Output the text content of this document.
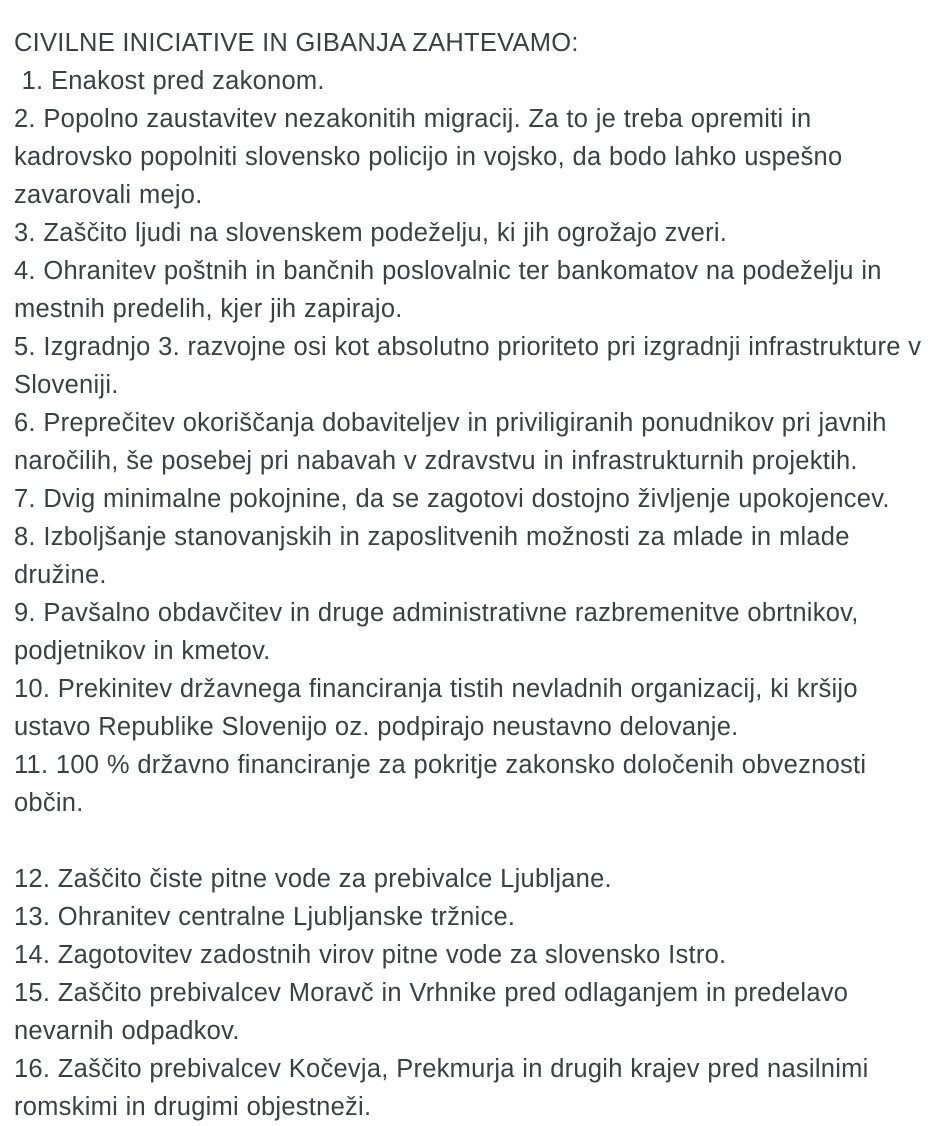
CIVILNE INICIATIVE IN GIBANJA ZAHTEVAMO:
1. Enakost pred zakonom.
2. Popolno zaustavitev nezakonitih migracij. Za to je treba opremiti in kadrovsko popolniti slovensko policijo in vojsko, da bodo lahko uspešno zavarovali mejo.
3. Zaščito ljudi na slovenskem podeželju, ki jih ogrožajo zveri.
4. Ohranitev poštnih in bančnih poslovalnic ter bankomatov na podeželju in mestnih predelih, kjer jih zapirajo.
5. Izgradnjo 3. razvojne osi kot absolutno prioriteto pri izgradnji infrastrukture v Sloveniji.
6. Preprečitev okoriščanja dobaviteljev in priviligiranih ponudnikov pri javnih naročilih, še posebej pri nabavah v zdravstvu in infrastrukturnih projektih.
7. Dvig minimalne pokojnine, da se zagotovi dostojno življenje upokojencev.
8. Izboljšanje stanovanjskih in zaposlitvenih možnosti za mlade in mlade družine.
9. Pavšalno obdavčitev in druge administrativne razbremenitve obrtnikov, podjetnikov in kmetov.
10. Prekinitev državnega financiranja tistih nevladnih organizacij, ki kršijo ustavo Republike Slovenijo oz. podpirajo neustavno delovanje.
11. 100 % državno financiranje za pokritje zakonsko določenih obveznosti občin.
12. Zaščito čiste pitne vode za prebivalce Ljubljane.
13. Ohranitev centralne Ljubljanske tržnice.
14. Zagotovitev zadostnih virov pitne vode za slovensko Istro.
15. Zaščito prebivalcev Moravč in Vrhnike pred odlaganjem in predelavo nevarnih odpadkov.
16. Zaščito prebivalcev Kočevja, Prekmurja in drugih krajev pred nasilnimi romskimi in drugimi objestneži.
